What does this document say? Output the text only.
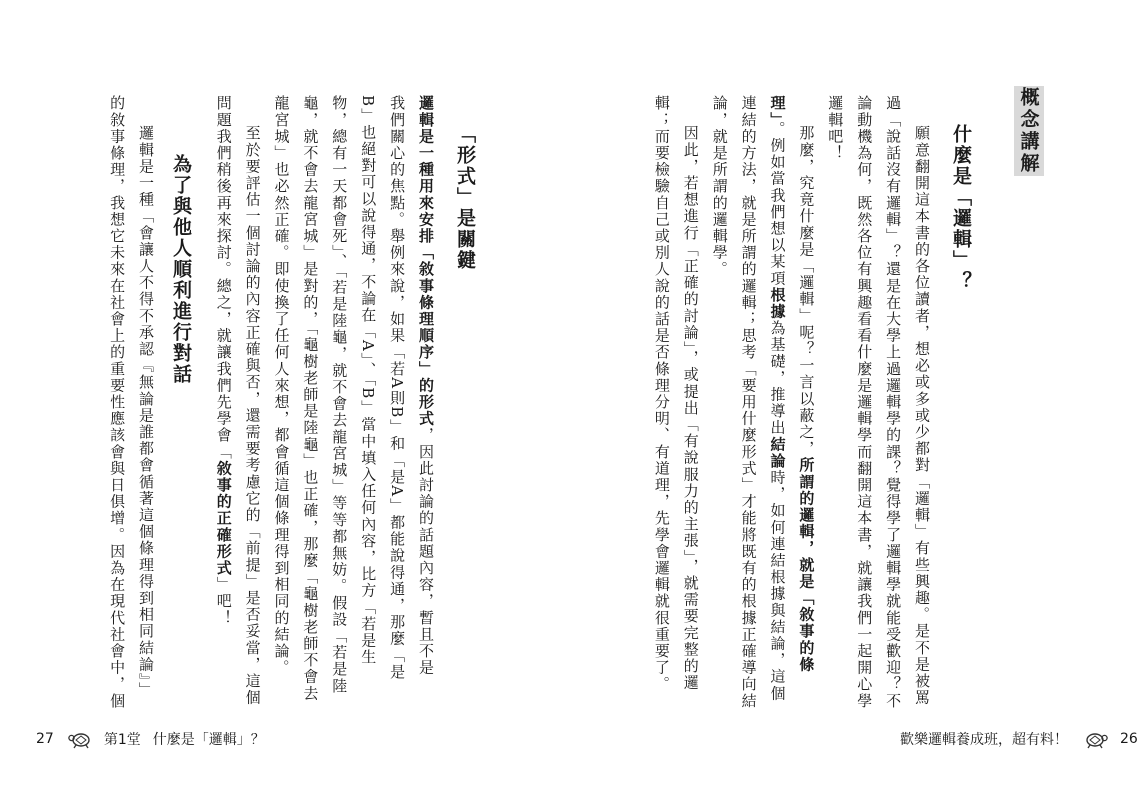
概念講解
什麼是「邏輯」？
願意翻開這本書的各位讀者，想必或多或少都對「邏輯」有些興趣。是不是被罵
過「說話沒有邏輯」？還是在大學上過邏輯學的課？覺得學了邏輯學就能受歡迎？不
論動機為何，既然各位有興趣看看什麼是邏輯學而翻開這本書，就讓我們一起開心學
邏輯吧！
那麼，究竟什麼是「邏輯」呢？一言以蔽之，所謂的邏輯，就是「敘事的條
理」。例如當我們想以某項根據為基礎，推導出結論時，如何連結根據與結論，這個
連結的方法，就是所謂的邏輯；思考「要用什麼形式」才能將既有的根據正確導向結
論，就是所謂的邏輯學。
因此，若想進行「正確的討論」，或提出「有說服力的主張」，就需要完整的邏
輯；而要檢驗自己或別人說的話是否條理分明、有道理，先學會邏輯就很重要了。
歡樂邏輯養成班，超有料！	26
「形式」是關鍵
邏輯是一種用來安排「敘事條理順序」的形式，因此討論的話題內容，暫且不是
我們關心的焦點。舉例來說，如果「若A則B」和「是A」都能說得通，那麼「是
B」也絕對可以說得通，不論在「A」、「B」當中填入任何內容，比方「若是生
物，總有一天都會死」、「若是陸龜，就不會去龍宮城」等等都無妨。假設「若是陸
龜，就不會去龍宮城」是對的，「龜樹老師是陸龜」也正確，那麼「龜樹老師不會去
龍宮城」也必然正確。即使換了任何人來想，都會循這個條理得到相同的結論。
至於要評估一個討論的內容正確與否，還需要考慮它的「前提」是否妥當，這個
問題我們稍後再來探討。總之，就讓我們先學會「敘事的正確形式」吧！
為了與他人順利進行對話
邏輯是一種「會讓人不得不承認『無論是誰都會循著這個條理得到相同結論』」
的敘事條理，我想它未來在社會上的重要性應該會與日俱增。因為在現代社會中，個
27	第1堂 什麼是「邏輯」？
